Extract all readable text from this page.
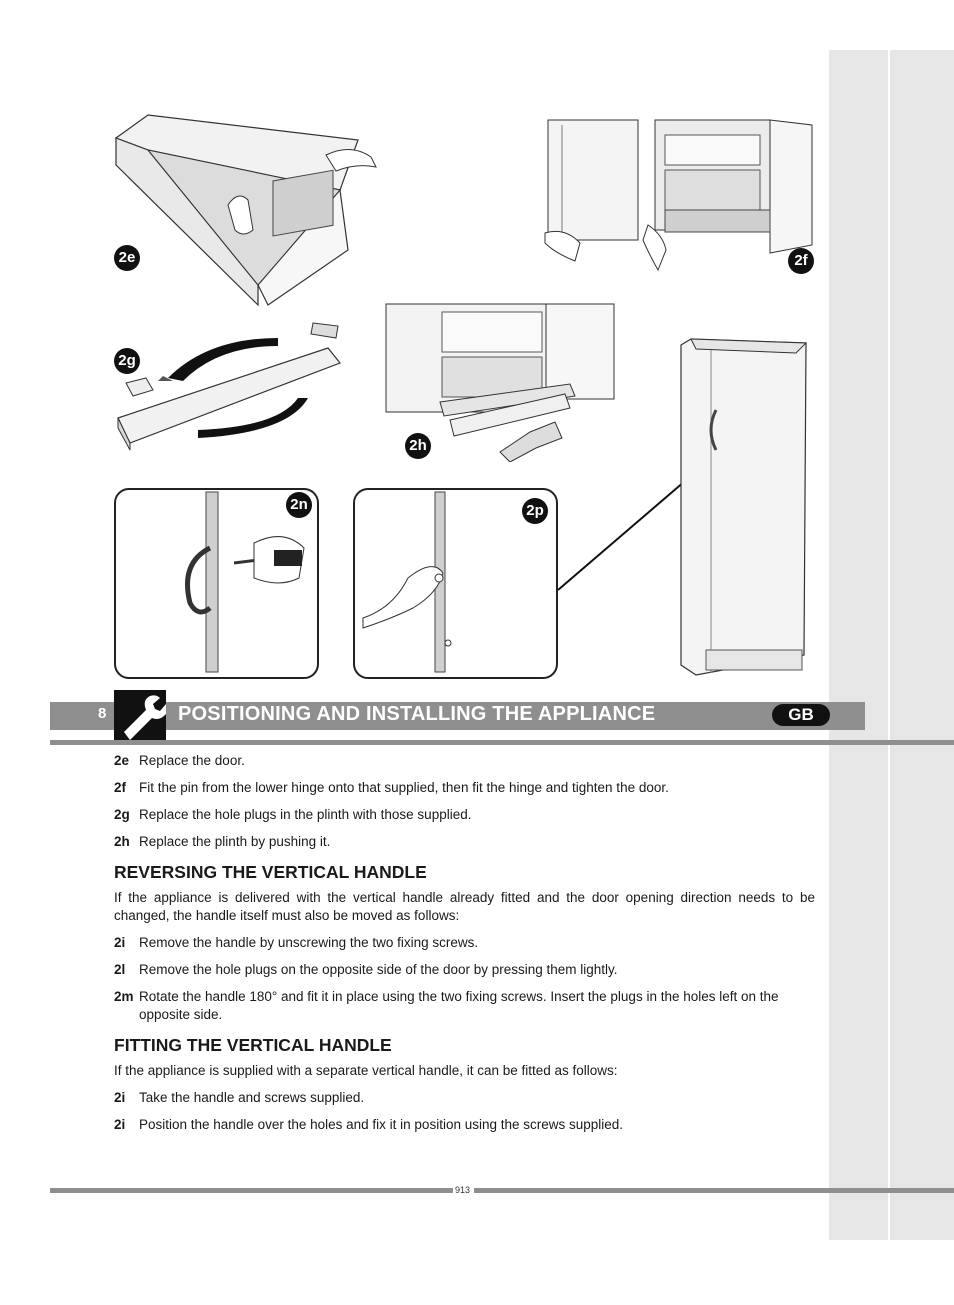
2e	2f
2g
2h
2n	2p
8	POSITIONING AND INSTALLING THE APPLIANCE	GB
2e Replace the door.
2f Fit the pin from the lower hinge onto that supplied, then fit the hinge and tighten the door.
2g Replace the hole plugs in the plinth with those supplied.
2h Replace the plinth by pushing it.
REVERSING THE VERTICAL HANDLE
If the appliance is delivered with the vertical handle already fitted and the door opening direction needs to be changed, the handle itself must also be moved as follows:
2i Remove the handle by unscrewing the two fixing screws.
2l Remove the hole plugs on the opposite side of the door by pressing them lightly.
2m Rotate the handle 180° and fit it in place using the two fixing screws. Insert the plugs in the holes left on the opposite side.
FITTING THE VERTICAL HANDLE
If the appliance is supplied with a separate vertical handle, it can be fitted as follows:
2i Take the handle and screws supplied.
2i Position the handle over the holes and fix it in position using the screws supplied.
913
